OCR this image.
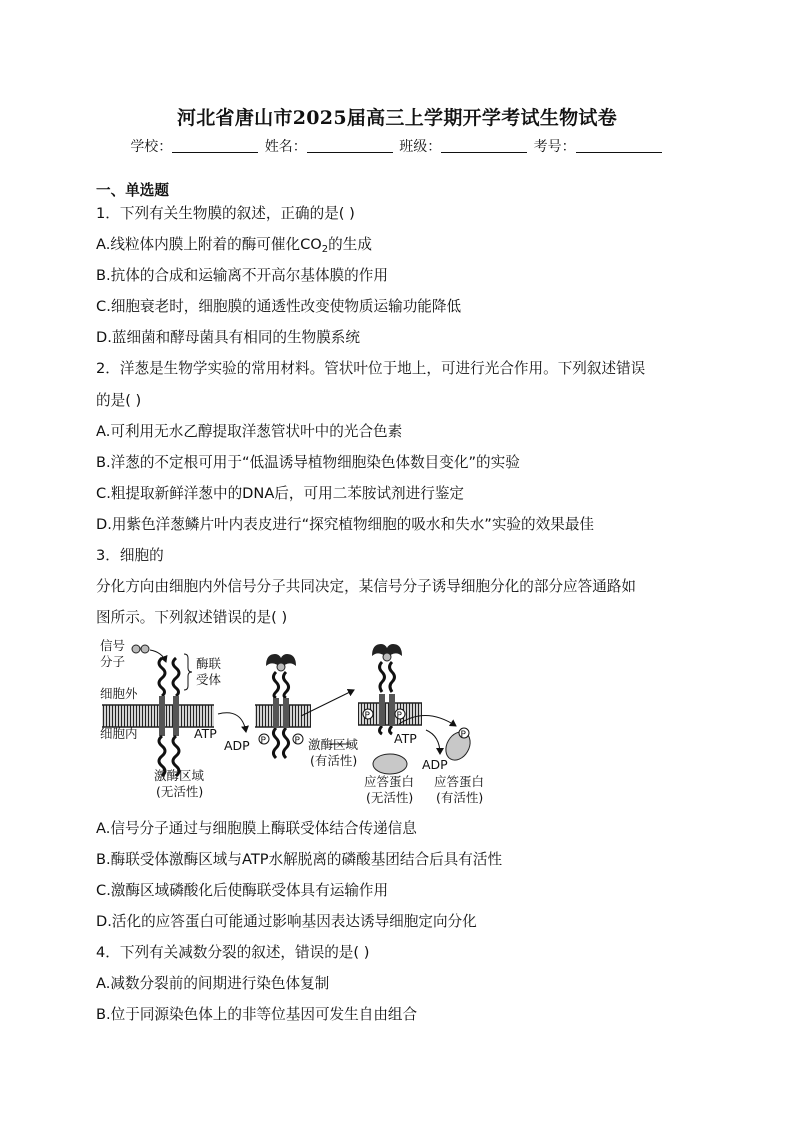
河北省唐山市2025届高三上学期开学考试生物试卷
学校：	姓名：	班级：	考号：
一、单选题
1．下列有关生物膜的叙述，正确的是( )
A.线粒体内膜上附着的酶可催化$CO_2$的生成
B.抗体的合成和运输离不开高尔基体膜的作用
C.细胞衰老时，细胞膜的通透性改变使物质运输功能降低
D.蓝细菌和酵母菌具有相同的生物膜系统
2．洋葱是生物学实验的常用材料。管状叶位于地上，可进行光合作用。下列叙述错误
的是( )
A.可利用无水乙醇提取洋葱管状叶中的光合色素
B.洋葱的不定根可用于“低温诱导植物细胞染色体数目变化”的实验
C.粗提取新鲜洋葱中的DNA后，可用二苯胺试剂进行鉴定
D.用紫色洋葱鳞片叶内表皮进行“探究植物细胞的吸水和失水”实验的效果最佳
3．细胞的
分化方向由细胞内外信号分子共同决定，某信号分子诱导细胞分化的部分应答通路如
图所示。下列叙述错误的是( )
P	P
P	P
P
信号
分子	酶联
受体
细胞外
细胞内	ATP
ADP
激酶区域
(无活性)
激酶区域
(有活性)
ATP
ADP
应答蛋白
(无活性)
应答蛋白
(有活性)
A.信号分子通过与细胞膜上酶联受体结合传递信息
B.酶联受体激酶区域与ATP水解脱离的磷酸基团结合后具有活性
C.激酶区域磷酸化后使酶联受体具有运输作用
D.活化的应答蛋白可能通过影响基因表达诱导细胞定向分化
4．下列有关减数分裂的叙述，错误的是( )
A.减数分裂前的间期进行染色体复制
B.位于同源染色体上的非等位基因可发生自由组合
